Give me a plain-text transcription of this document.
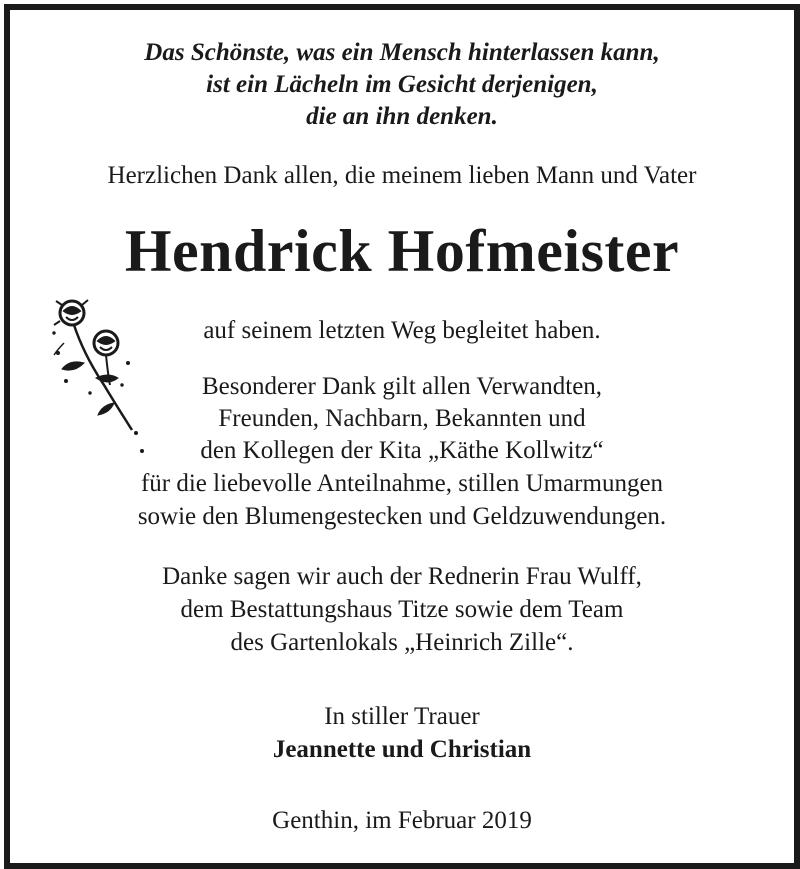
Das Schönste, was ein Mensch hinterlassen kann,
ist ein Lächeln im Gesicht derjenigen,
die an ihn denken.
Herzlichen Dank allen, die meinem lieben Mann und Vater
Hendrick Hofmeister
auf seinem letzten Weg begleitet haben.
Besonderer Dank gilt allen Verwandten,
Freunden, Nachbarn, Bekannten und
den Kollegen der Kita „Käthe Kollwitz“
für die liebevolle Anteilnahme, stillen Umarmungen
sowie den Blumengestecken und Geldzuwendungen.
Danke sagen wir auch der Rednerin Frau Wulff,
dem Bestattungshaus Titze sowie dem Team
des Gartenlokals „Heinrich Zille“.
In stiller Trauer
Jeannette und Christian
Genthin, im Februar 2019
